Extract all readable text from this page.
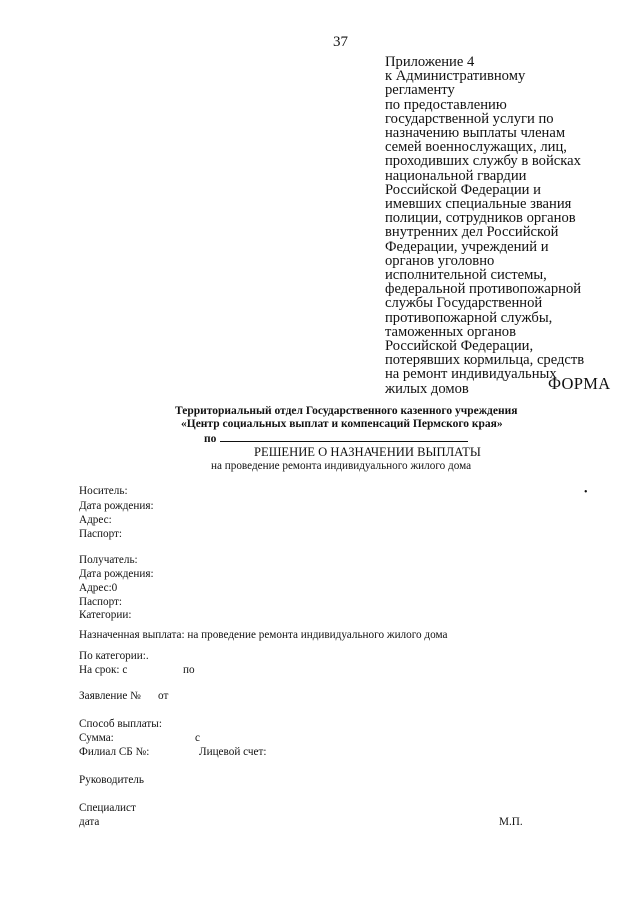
37
Приложение 4
к Административному
регламенту
по предоставлению
государственной услуги по
назначению выплаты членам
семей военнослужащих, лиц,
проходивших службу в войсках
национальной гвардии
Российской Федерации и
имевших специальные звания
полиции, сотрудников органов
внутренних дел Российской
Федерации, учреждений и
органов уголовно
исполнительной системы,
федеральной противопожарной
службы Государственной
противопожарной службы,
таможенных органов
Российской Федерации,
потерявших кормильца, средств
на ремонт индивидуальных
жилых домов	ФОРМА
Территориальный отдел Государственного казенного учреждения
«Центр социальных выплат и компенсаций Пермского края»
по
РЕШЕНИЕ О НАЗНАЧЕНИИ ВЫПЛАТЫ
на проведение ремонта индивидуального жилого дома
•
Носитель:
Дата рождения:
Адрес:
Паспорт:
Получатель:
Дата рождения:
Адрес:0
Паспорт:
Категории:
Назначенная выплата: на проведение ремонта индивидуального жилого дома
По категории:.
На срок: с	по
Заявление № от
Способ выплаты:
Сумма:	с
Филиал СБ №:	Лицевой счет:
Руководитель
Специалист
дата	М.П.
